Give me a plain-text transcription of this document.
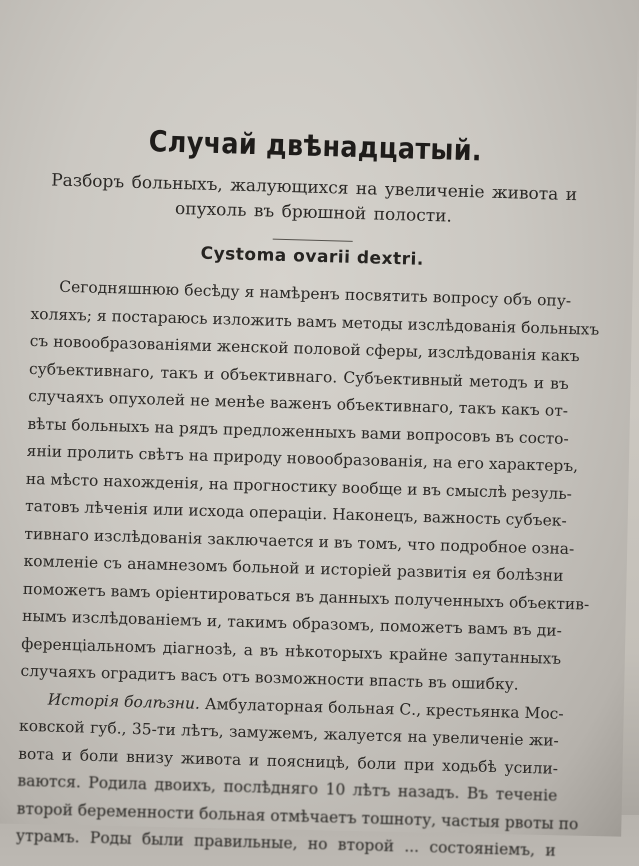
Случай двѣнадцатый.
Разборъ больныхъ, жалующихся на увеличеніе живота и
опухоль въ брюшной полости.
Cystoma ovarii dextri.
Сегодняшнюю бесѣду я намѣренъ посвятить вопросу объ опу-
холяхъ; я постараюсь изложить вамъ методы изслѣдованія больныхъ
съ новообразованіями женской половой сферы, изслѣдованія какъ
субъективнаго, такъ и объективнаго. Субъективный методъ и въ
случаяхъ опухолей не менѣе важенъ объективнаго, такъ какъ от-
вѣты больныхъ на рядъ предложенныхъ вами вопросовъ въ состо-
яніи пролить свѣтъ на природу новообразованія, на его характеръ,
на мѣсто нахожденія, на прогностику вообще и въ смыслѣ резуль-
татовъ лѣченія или исхода операціи. Наконецъ, важность субъек-
тивнаго изслѣдованія заключается и въ томъ, что подробное озна-
комленіе съ анамнезомъ больной и исторіей развитія ея болѣзни
поможетъ вамъ оріентироваться въ данныхъ полученныхъ объектив-
нымъ изслѣдованіемъ и, такимъ образомъ, поможетъ вамъ въ ди-
ференціальномъ діагнозѣ, а въ нѣкоторыхъ крайне запутанныхъ
случаяхъ оградитъ васъ отъ возможности впасть въ ошибку.
Исторія болѣзни. Амбулаторная больная С., крестьянка Мос-
ковской губ., 35-ти лѣтъ, замужемъ, жалуется на увеличеніе жи-
вота и боли внизу живота и поясницѣ, боли при ходьбѣ усили-
ваются. Родила двоихъ, послѣдняго 10 лѣтъ назадъ. Въ теченіе
второй беременности больная отмѣчаетъ тошноту, частыя рвоты по
утрамъ. Роды были правильные, но второй ... состояніемъ, и
